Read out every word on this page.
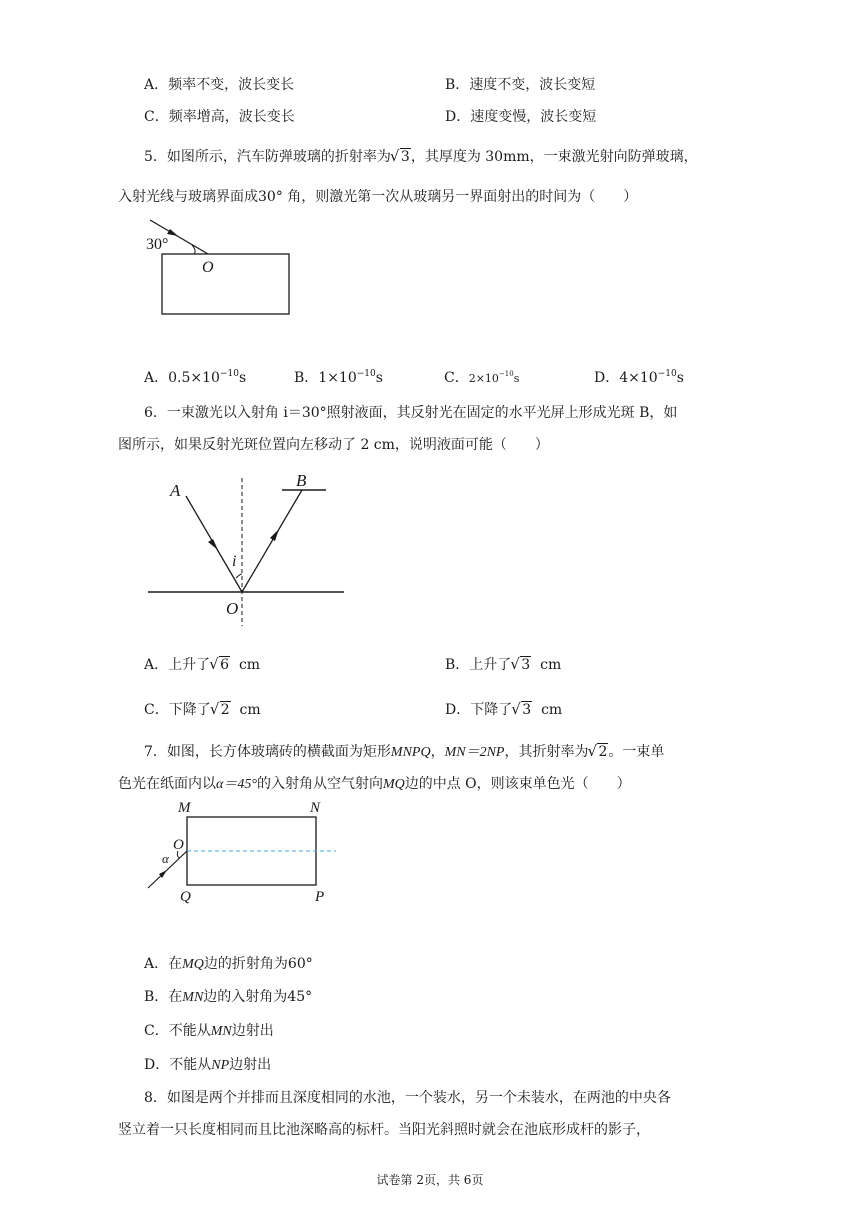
A．频率不变，波长变长	B．速度不变，波长变短
C．频率增高，波长变长	D．速度变慢，波长变短
5．如图所示，汽车防弹玻璃的折射率为 √ 3，其厚度为 30mm，一束激光射向防弹玻璃，
入射光线与玻璃界面成30° 角，则激光第一次从玻璃另一界面射出的时间为（　　）
30°
O
A．$0.5\times 10^{-10}s$	B．$1\times 10^{-10}s$	C．$2\times 10^{-10}s$	D．$4\times 10^{-10}s$
6．一束激光以入射角 i＝30°照射液面，其反射光在固定的水平光屏上形成光斑 B，如
图所示，如果反射光斑位置向左移动了 2 cm，说明液面可能（　　）
A
B
i
O
A．上升了 √ 6 cm	B．上升了 √ 3 cm
C．下降了 √ 2 cm	D．下降了 √ 3 cm
7．如图，长方体玻璃砖的横截面为矩形MNPQ，MN＝2NP，其折射率为 √ 2。一束单
色光在纸面内以α＝45°的入射角从空气射向MQ边的中点 O，则该束单色光（　　）
M	N
O
α
Q	P
A．在MQ边的折射角为60°
B．在MN边的入射角为45°
C．不能从MN边射出
D．不能从NP边射出
8．如图是两个并排而且深度相同的水池，一个装水，另一个未装水，在两池的中央各
竖立着一只长度相同而且比池深略高的标杆。当阳光斜照时就会在池底形成杆的影子，
试卷第 2页，共 6页
